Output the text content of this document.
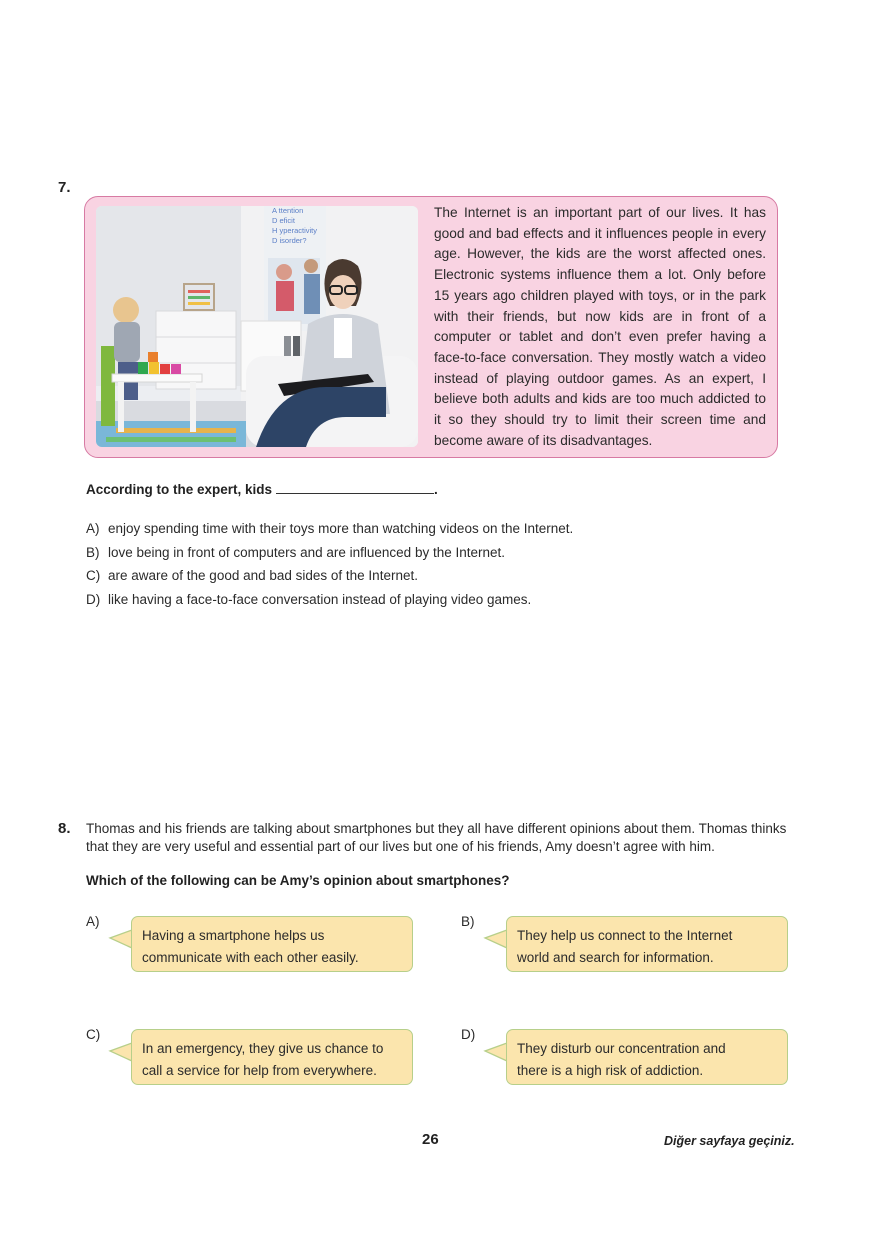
7.
A ttention
D eficit
H yperactivity
D isorder?
The Internet is an important part of our lives. It has good and bad effects and it influences people in every age. However, the kids are the worst affected ones. Electronic systems influence them a lot. Only before 15 years ago children played with toys, or in the park with their friends, but now kids are in front of a computer or tablet and don’t even prefer having a face-to-face conversation. They mostly watch a video instead of playing outdoor games. As an expert, I believe both adults and kids are too much addicted to it so they should try to limit their screen time and become aware of its disadvantages.
According to the expert, kids	.
A) enjoy spending time with their toys more than watching videos on the Internet.
B) love being in front of computers and are influenced by the Internet.
C) are aware of the good and bad sides of the Internet.
D) like having a face-to-face conversation instead of playing video games.
8. Thomas and his friends are talking about smartphones but they all have different opinions about them. Thomas thinks that they are very useful and essential part of our lives but one of his friends, Amy doesn’t agree with him.
Which of the following can be Amy’s opinion about smartphones?
A)
Having a smartphone helps us
communicate with each other easily.
B)
They help us connect to the Internet
world and search for information.
C)
In an emergency, they give us chance to
call a service for help from everywhere.
D)
They disturb our concentration and
there is a high risk of addiction.
26	Diğer sayfaya geçiniz.
